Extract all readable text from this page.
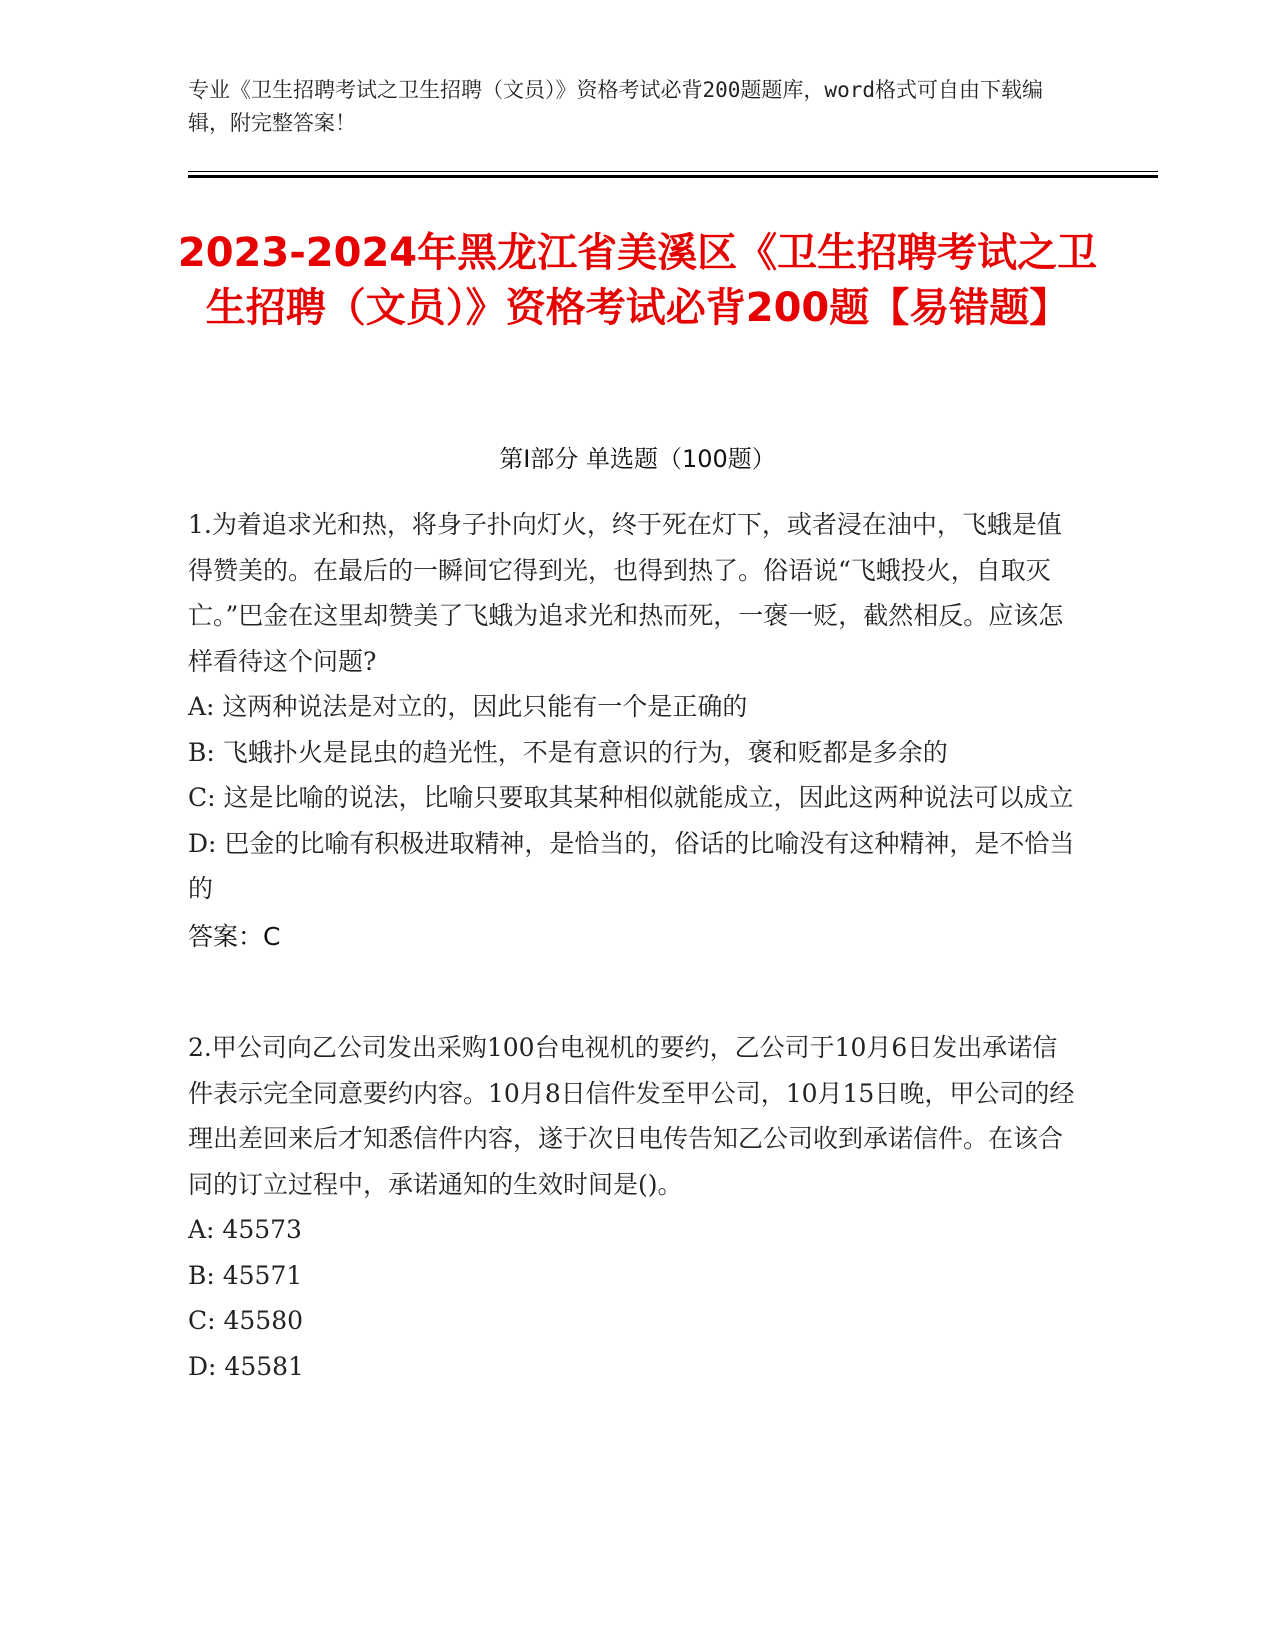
专业《卫生招聘考试之卫生招聘（文员）》资格考试必背200题题库，word格式可自由下载编辑，附完整答案！
2023-2024年黑龙江省美溪区《卫生招聘考试之卫生招聘（文员）》资格考试必背200题【易错题】
第Ⅰ部分 单选题（100题）

1.为着追求光和热，将身子扑向灯火，终于死在灯下，或者浸在油中，飞蛾是值得赞美的。在最后的一瞬间它得到光，也得到热了。俗语说“飞蛾投火，自取灭亡。”巴金在这里却赞美了飞蛾为追求光和热而死，一褒一贬，截然相反。应该怎样看待这个问题?

A: 这两种说法是对立的，因此只能有一个是正确的

B: 飞蛾扑火是昆虫的趋光性，不是有意识的行为，褒和贬都是多余的

C: 这是比喻的说法，比喻只要取其某种相似就能成立，因此这两种说法可以成立

D: 巴金的比喻有积极进取精神，是恰当的，俗话的比喻没有这种精神，是不恰当的

答案：C

2.甲公司向乙公司发出采购100台电视机的要约，乙公司于10月6日发出承诺信件表示完全同意要约内容。10月8日信件发至甲公司，10月15日晚，甲公司的经理出差回来后才知悉信件内容，遂于次日电传告知乙公司收到承诺信件。在该合同的订立过程中，承诺通知的生效时间是()。

A: 45573

B: 45571

C: 45580

D: 45581
